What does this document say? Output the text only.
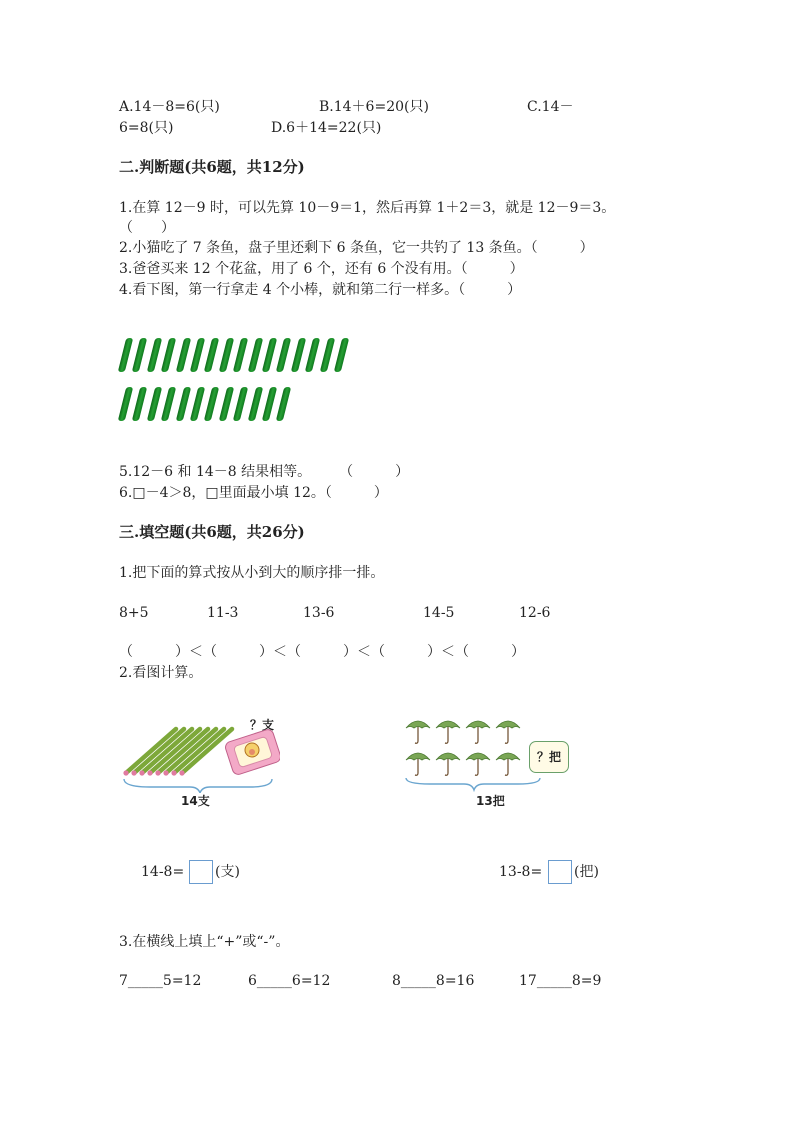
A.14－8=6(只)	B.14＋6=20(只)	C.14－
6=8(只)	D.6＋14=22(只)
二.判断题(共6题，共12分)
1.在算 12－9 时，可以先算 10－9＝1，然后再算 1＋2＝3，就是 12－9＝3。
（　　）
2.小猫吃了 7 条鱼，盘子里还剩下 6 条鱼，它一共钓了 13 条鱼。（　　　）
3.爸爸买来 12 个花盆，用了 6 个，还有 6 个没有用。（　　　）
4.看下图，第一行拿走 4 个小棒，就和第二行一样多。（　　　）
5.12－6 和 14－8 结果相等。　　　（　　　）
6.□－4＞8，□里面最小填 12。（　　　）
三.填空题(共6题，共26分)
1.把下面的算式按从小到大的顺序排一排。
8+5	11-3	13-6	14-5	12-6
（　　　）＜（　　　）＜（　　　）＜（　　　）＜（　　　）
2.看图计算。
？支
14支
？把
13把
14-8= (支)	13-8= (把)
3.在横线上填上“+”或“-”。
7_____5=12	6_____6=12	8_____8=16	17_____8=9
